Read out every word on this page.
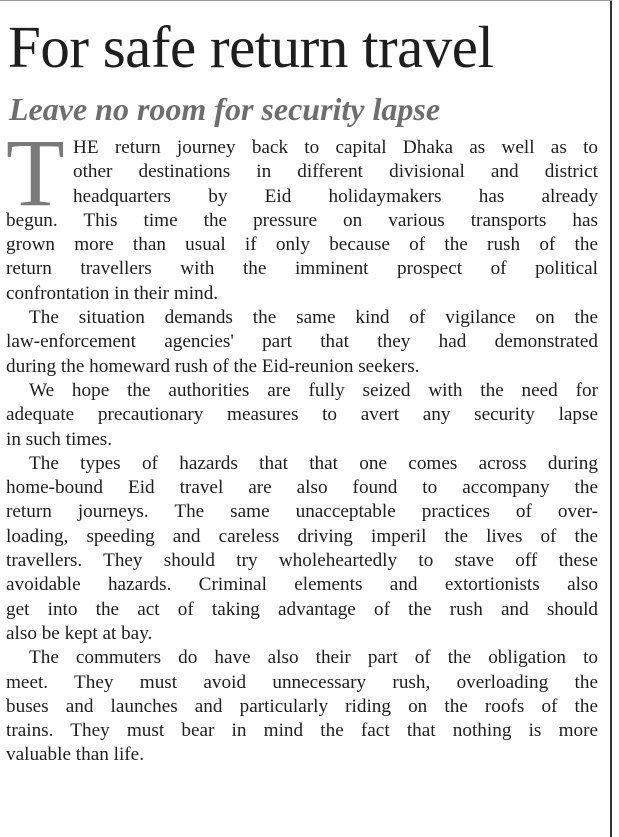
For safe return travel
Leave no room for security lapse
T HE return journey back to capital Dhaka as well as to
other destinations in different divisional and district
headquarters by Eid holidaymakers has already
begun. This time the pressure on various transports has
grown more than usual if only because of the rush of the
return travellers with the imminent prospect of political
confrontation in their mind.
The situation demands the same kind of vigilance on the
law-enforcement agencies' part that they had demonstrated
during the homeward rush of the Eid-reunion seekers.
We hope the authorities are fully seized with the need for
adequate precautionary measures to avert any security lapse
in such times.
The types of hazards that that one comes across during
home-bound Eid travel are also found to accompany the
return journeys. The same unacceptable practices of over-
loading, speeding and careless driving imperil the lives of the
travellers. They should try wholeheartedly to stave off these
avoidable hazards. Criminal elements and extortionists also
get into the act of taking advantage of the rush and should
also be kept at bay.
The commuters do have also their part of the obligation to
meet. They must avoid unnecessary rush, overloading the
buses and launches and particularly riding on the roofs of the
trains. They must bear in mind the fact that nothing is more
valuable than life.
